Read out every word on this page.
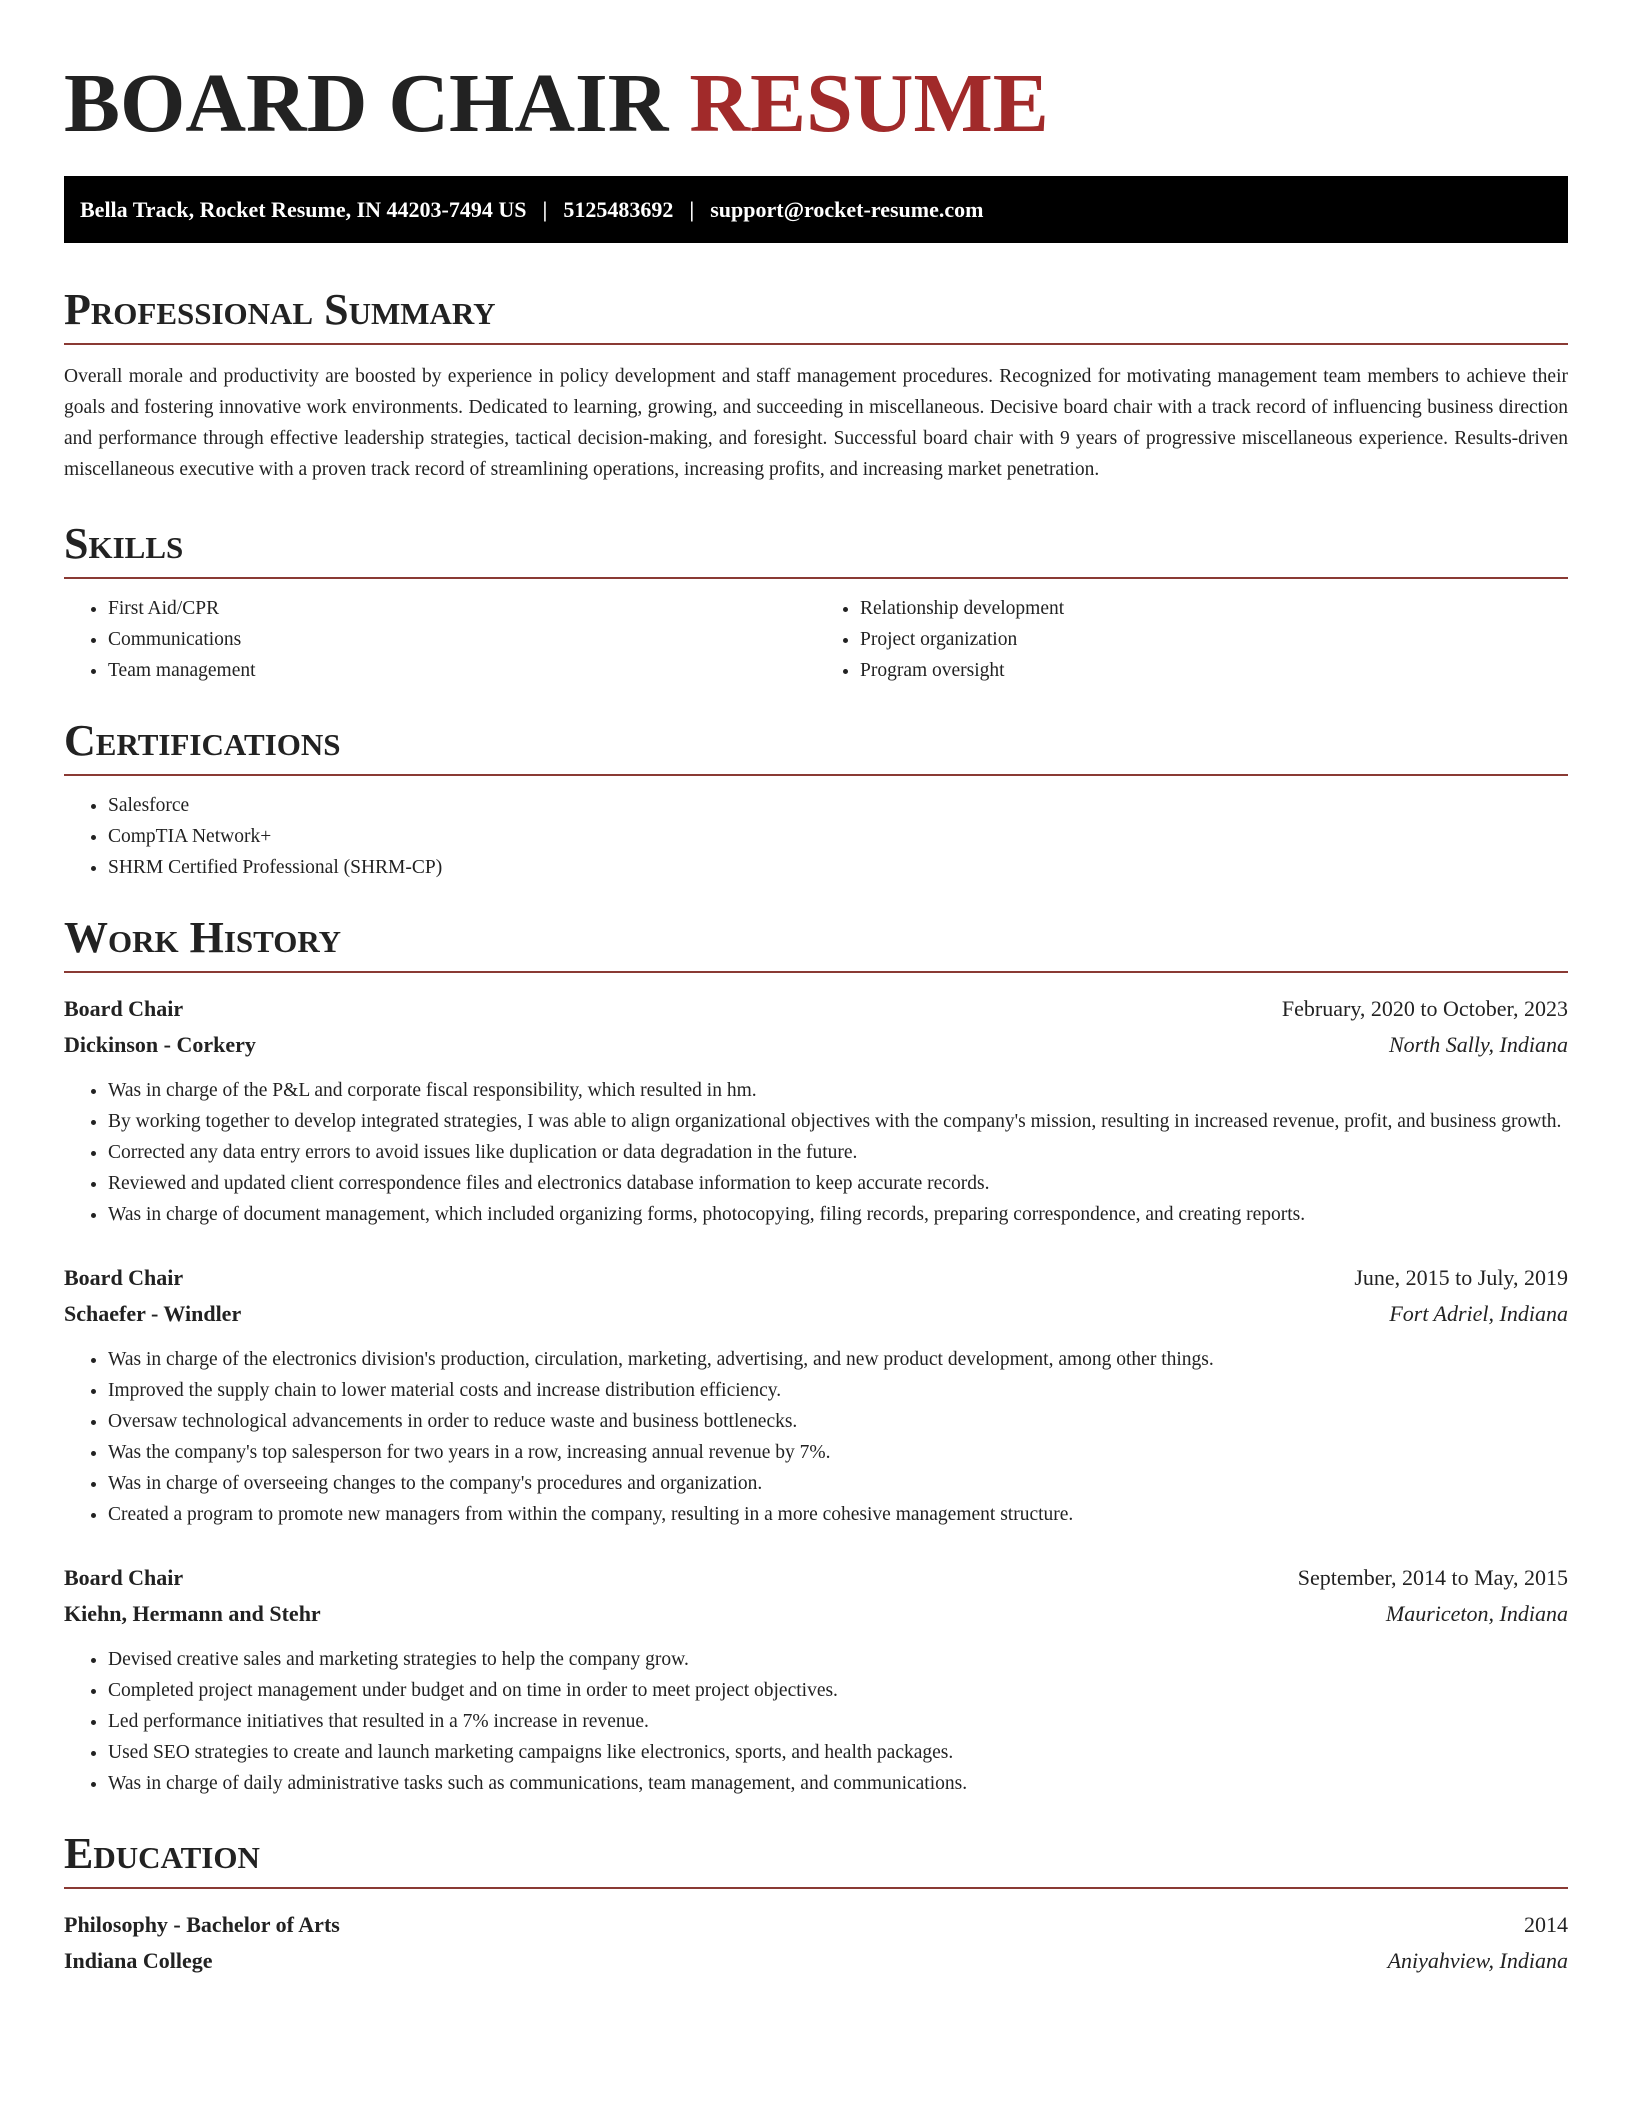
BOARD CHAIR RESUME
Bella Track, Rocket Resume, IN 44203-7494 US | 5125483692 | support@rocket-resume.com
Professional Summary

Overall morale and productivity are boosted by experience in policy development and staff management procedures. Recognized for motivating management team members to achieve their goals and fostering innovative work environments. Dedicated to learning, growing, and succeeding in miscellaneous. Decisive board chair with a track record of influencing business direction and performance through effective leadership strategies, tactical decision-making, and foresight. Successful board chair with 9 years of progressive miscellaneous experience. Results-driven miscellaneous executive with a proven track record of streamlining operations, increasing profits, and increasing market penetration.

Skills
• First Aid/CPR
• Communications
• Team management
• Relationship development
• Project organization
• Program oversight
Certifications
• Salesforce
• CompTIA Network+
• SHRM Certified Professional (SHRM-CP)
Work History
Board Chair	February, 2020 to October, 2023
Dickinson - Corkery	North Sally, Indiana
• Was in charge of the P&L and corporate fiscal responsibility, which resulted in hm.
• By working together to develop integrated strategies, I was able to align organizational objectives with the company's mission, resulting in increased revenue, profit, and business growth.
• Corrected any data entry errors to avoid issues like duplication or data degradation in the future.
• Reviewed and updated client correspondence files and electronics database information to keep accurate records.
• Was in charge of document management, which included organizing forms, photocopying, filing records, preparing correspondence, and creating reports.
Board Chair	June, 2015 to July, 2019
Schaefer - Windler	Fort Adriel, Indiana
• Was in charge of the electronics division's production, circulation, marketing, advertising, and new product development, among other things.
• Improved the supply chain to lower material costs and increase distribution efficiency.
• Oversaw technological advancements in order to reduce waste and business bottlenecks.
• Was the company's top salesperson for two years in a row, increasing annual revenue by 7%.
• Was in charge of overseeing changes to the company's procedures and organization.
• Created a program to promote new managers from within the company, resulting in a more cohesive management structure.
Board Chair	September, 2014 to May, 2015
Kiehn, Hermann and Stehr	Mauriceton, Indiana
• Devised creative sales and marketing strategies to help the company grow.
• Completed project management under budget and on time in order to meet project objectives.
• Led performance initiatives that resulted in a 7% increase in revenue.
• Used SEO strategies to create and launch marketing campaigns like electronics, sports, and health packages.
• Was in charge of daily administrative tasks such as communications, team management, and communications.
Education
Philosophy - Bachelor of Arts	2014
Indiana College	Aniyahview, Indiana
